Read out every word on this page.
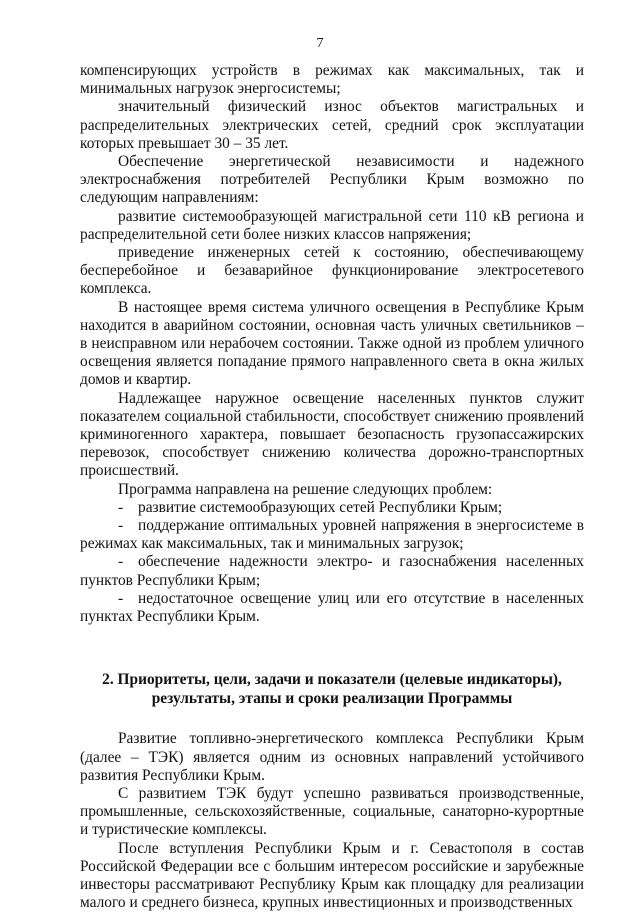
7

компенсирующих устройств в режимах как максимальных, так и минимальных нагрузок энергосистемы;

значительный физический износ объектов магистральных и распределительных электрических сетей, средний срок эксплуатации которых превышает 30 – 35 лет.

Обеспечение энергетической независимости и надежного электроснабжения потребителей Республики Крым возможно по следующим направлениям:

развитие системообразующей магистральной сети 110 кВ региона и распределительной сети более низких классов напряжения;

приведение инженерных сетей к состоянию, обеспечивающему бесперебойное и безаварийное функционирование электросетевого комплекса.

В настоящее время система уличного освещения в Республике Крым находится в аварийном состоянии, основная часть уличных светильников – в неисправном или нерабочем состоянии. Также одной из проблем уличного освещения является попадание прямого направленного света в окна жилых домов и квартир.

Надлежащее наружное освещение населенных пунктов служит показателем социальной стабильности, способствует снижению проявлений криминогенного характера, повышает безопасность грузопассажирских перевозок, способствует снижению количества дорожно-транспортных происшествий.

Программа направлена на решение следующих проблем:

- развитие системообразующих сетей Республики Крым;

- поддержание оптимальных уровней напряжения в энергосистеме в режимах как максимальных, так и минимальных загрузок;

- обеспечение надежности электро- и газоснабжения населенных пунктов Республики Крым;

- недостаточное освещение улиц или его отсутствие в населенных пунктах Республики Крым.

2. Приоритеты, цели, задачи и показатели (целевые индикаторы),
результаты, этапы и сроки реализации Программы

Развитие топливно-энергетического комплекса Республики Крым (далее – ТЭК) является одним из основных направлений устойчивого развития Республики Крым.

С развитием ТЭК будут успешно развиваться производственные, промышленные, сельскохозяйственные, социальные, санаторно-курортные и туристические комплексы.

После вступления Республики Крым и г. Севастополя в состав Российской Федерации все с большим интересом российские и зарубежные инвесторы рассматривают Республику Крым как площадку для реализации малого и среднего бизнеса, крупных инвестиционных и производственных
